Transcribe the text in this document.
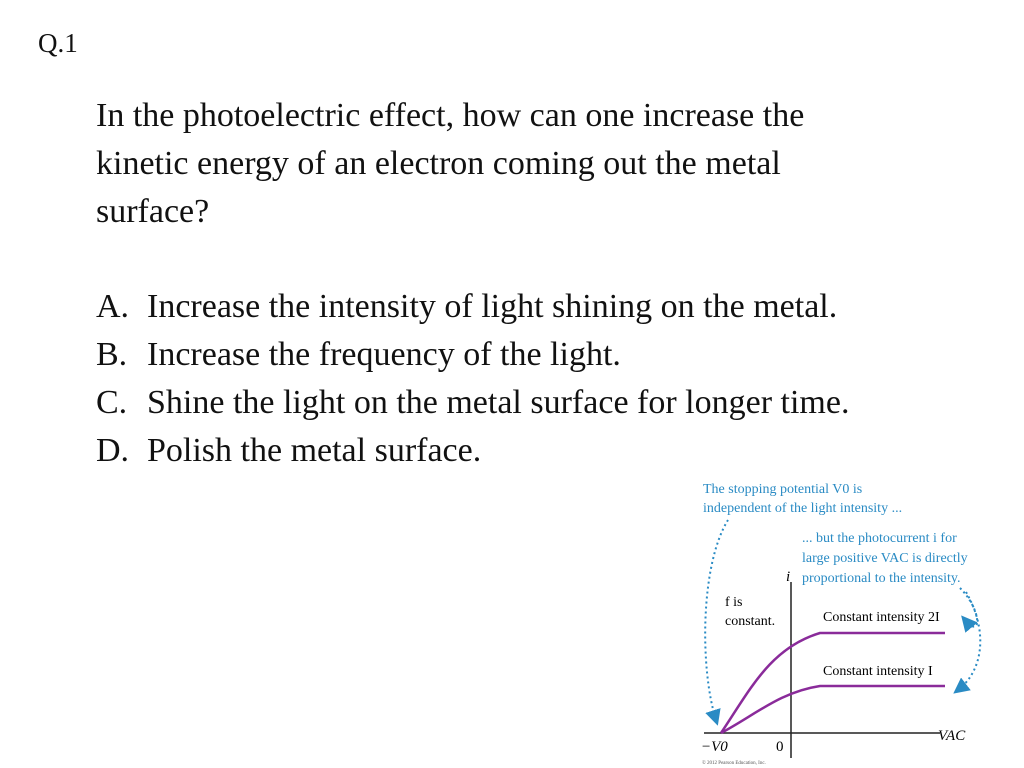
Q.1
In the photoelectric effect, how can one increase the
kinetic energy of an electron coming out the metal
surface?
A. Increase the intensity of light shining on the metal.
B. Increase the frequency of the light.
C. Shine the light on the metal surface for longer time.
D. Polish the metal surface.
The stopping potential V0 is
independent of the light intensity ...
... but the photocurrent i for
large positive VAC is directly
proportional to the intensity.
i
VAC
−V0	0
f is
constant.	Constant intensity 2I
Constant intensity I
© 2012 Pearson Education, Inc.
